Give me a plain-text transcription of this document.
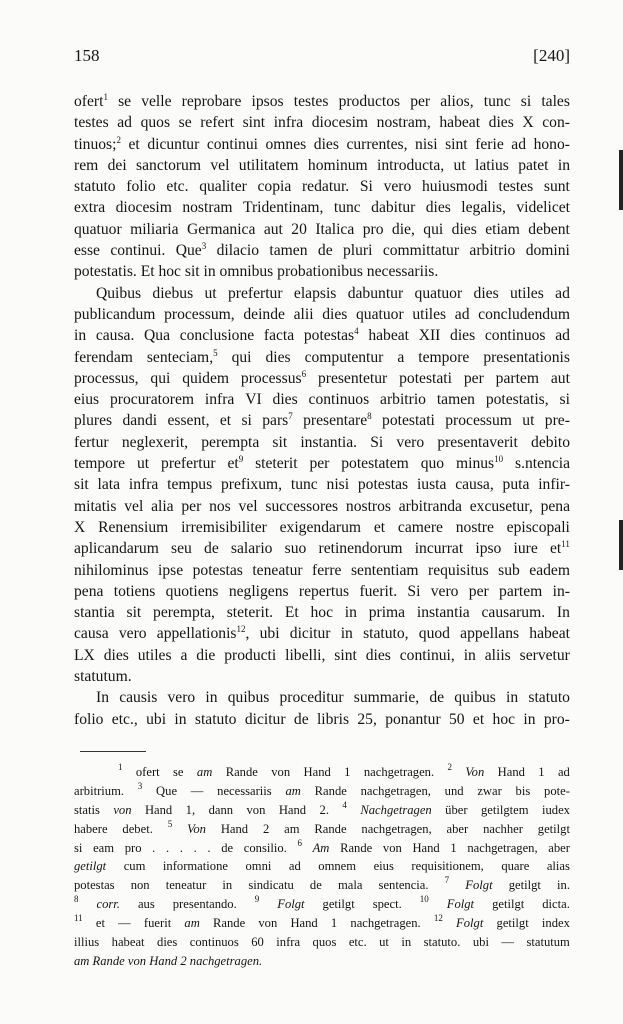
158	[240]
ofert$^1$ se velle reprobare ipsos testes productos per alios, tunc si tales
testes ad quos se refert sint infra diocesim nostram, habeat dies X con-
tinuos;$^2$ et dicuntur continui omnes dies currentes, nisi sint ferie ad hono-
rem dei sanctorum vel utilitatem hominum introducta, ut latius patet in
statuto folio etc. qualiter copia redatur. Si vero huiusmodi testes sunt
extra diocesim nostram Tridentinam, tunc dabitur dies legalis, videlicet
quatuor miliaria Germanica aut 20 Italica pro die, qui dies etiam debent
esse continui. Que$^3$ dilacio tamen de pluri committatur arbitrio domini
potestatis. Et hoc sit in omnibus probationibus necessariis.
Quibus diebus ut prefertur elapsis dabuntur quatuor dies utiles ad
publicandum processum, deinde alii dies quatuor utiles ad concludendum
in causa. Qua conclusione facta potestas$^4$ habeat XII dies continuos ad
ferendam senteciam,$^5$ qui dies computentur a tempore presentationis
processus, qui quidem processus$^6$ presentetur potestati per partem aut
eius procuratorem infra VI dies continuos arbitrio tamen potestatis, si
plures dandi essent, et si pars$^7$ presentare$^8$ potestati processum ut pre-
fertur neglexerit, perempta sit instantia. Si vero presentaverit debito
tempore ut prefertur $et^9$ steterit per potestatem quo minus$^{10}$ s.ntencia
sit lata infra tempus prefixum, tunc nisi potestas iusta causa, puta infir-
mitatis vel alia per nos vel successores nostros arbitranda excusetur, pena
X Renensium irremisibiliter exigendarum et camere nostre episcopali
aplicandarum seu de salario suo retinendorum incurrat ipso iure $et^{11}$
nihilominus ipse potestas teneatur ferre sententiam requisitus sub eadem
pena totiens quotiens negligens repertus fuerit. Si vero per partem in-
stantia sit perempta, steterit. Et hoc in prima instantia causarum. In
causa vero appellationis$^{12}$, ubi dicitur in statuto, quod appellans habeat
LX dies utiles a die producti libelli, sint dies continui, in aliis servetur
statutum.
In causis vero in quibus proceditur summarie, de quibus in statuto
folio etc., ubi in statuto dicitur de libris 25, ponantur 50 et hoc in pro-
$^1$ ofert se am Rande von Hand 1 nachgetragen. $^2$ Von Hand 1 ad
arbitrium. $^3$ Que — necessariis am Rande nachgetragen, und zwar bis pote-
statis von Hand 1, dann von Hand 2. $^4$ Nachgetragen über getilgtem iudex
habere debet. $^5$ Von Hand 2 am Rande nachgetragen, aber nachher getilgt
si eam pro . . . . . de consilio. $^6$ Am Rande von Hand 1 nachgetragen, aber
getilgt cum informatione omni ad omnem eius requisitionem, quare alias
potestas non teneatur in sindicatu de mala sentencia. $^7$ Folgt getilgt in.
$^8$ corr. aus presentando. $^9$ Folgt getilgt spect. $^{10}$ Folgt getilgt dicta.
$^{11}$ et — fuerit am Rande von Hand 1 nachgetragen. $^{12}$ Folgt getilgt index
illius habeat dies continuos 60 infra quos etc. ut in statuto. ubi — statutum
am Rande von Hand 2 nachgetragen.
